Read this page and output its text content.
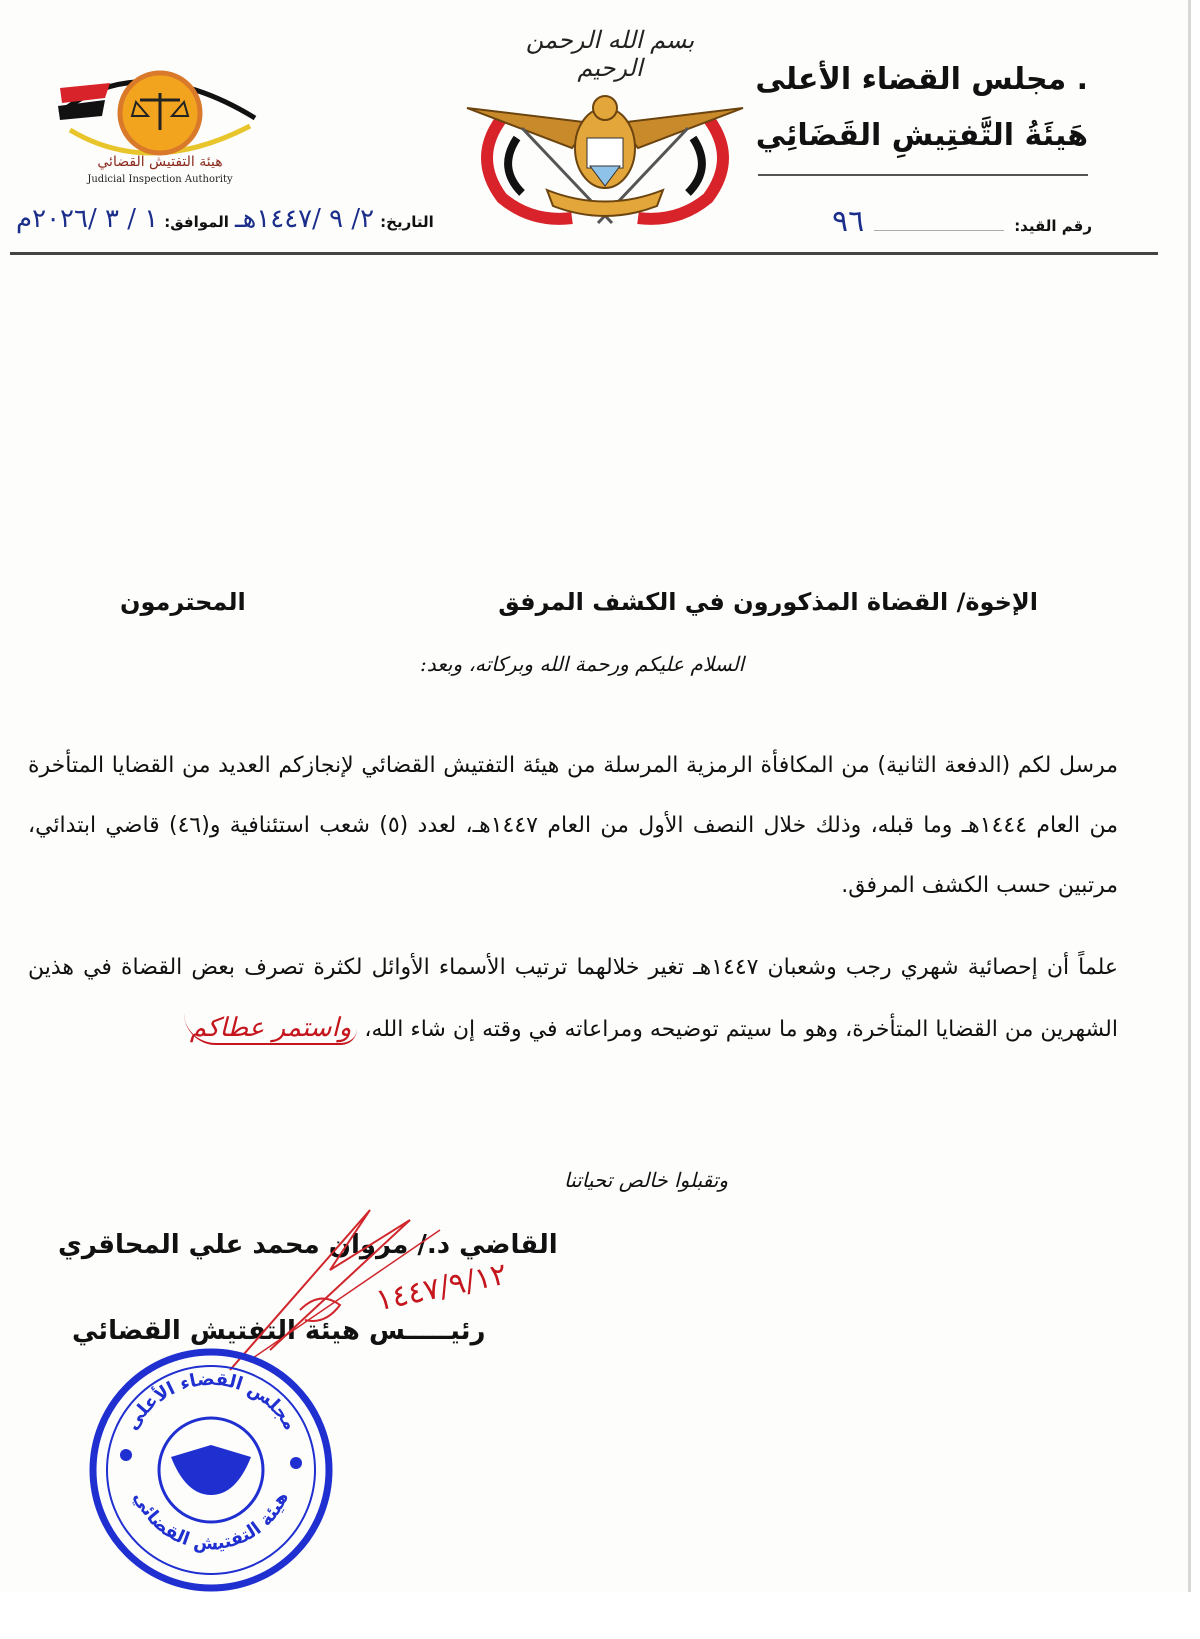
. مجلس القضاء الأعلى
هَيئَةُ التَّفتِيشِ القَضَائِي
رقم القيد:
٩٦
بسم الله الرحمن الرحيم
هيئة التفتيش القضائي
Judicial Inspection Authority
التاريخ:
٢/ ٩ /١٤٤٧هـ
الموافق:
١ / ٣ /٢٠٢٦م
الإخوة/ القضاة المذكورون في الكشف المرفق
المحترمون
السلام عليكم ورحمة الله وبركاته، وبعد:
مرسل لكم (الدفعة الثانية) من المكافأة الرمزية المرسلة من هيئة التفتيش القضائي لإنجازكم العديد من القضايا المتأخرة من العام ١٤٤٤هـ وما قبله، وذلك خلال النصف الأول من العام ١٤٤٧هـ، لعدد (٥) شعب استئنافية و(٤٦) قاضي ابتدائي، مرتبين حسب الكشف المرفق.
علماً أن إحصائية شهري رجب وشعبان ١٤٤٧هـ تغير خلالهما ترتيب الأسماء الأوائل لكثرة تصرف بعض القضاة في هذين الشهرين من القضايا المتأخرة، وهو ما سيتم توضيحه ومراعاته في وقته إن شاء الله، واستمر عطاكم
وتقبلوا خالص تحياتنا
القاضي د./ مروان محمد علي المحاقري
رئيـــــس هيئة التفتيش القضائي
١٤٤٧/٩/١٢
مجلس القضاء الأعلى
هيئة التفتيش القضائي
